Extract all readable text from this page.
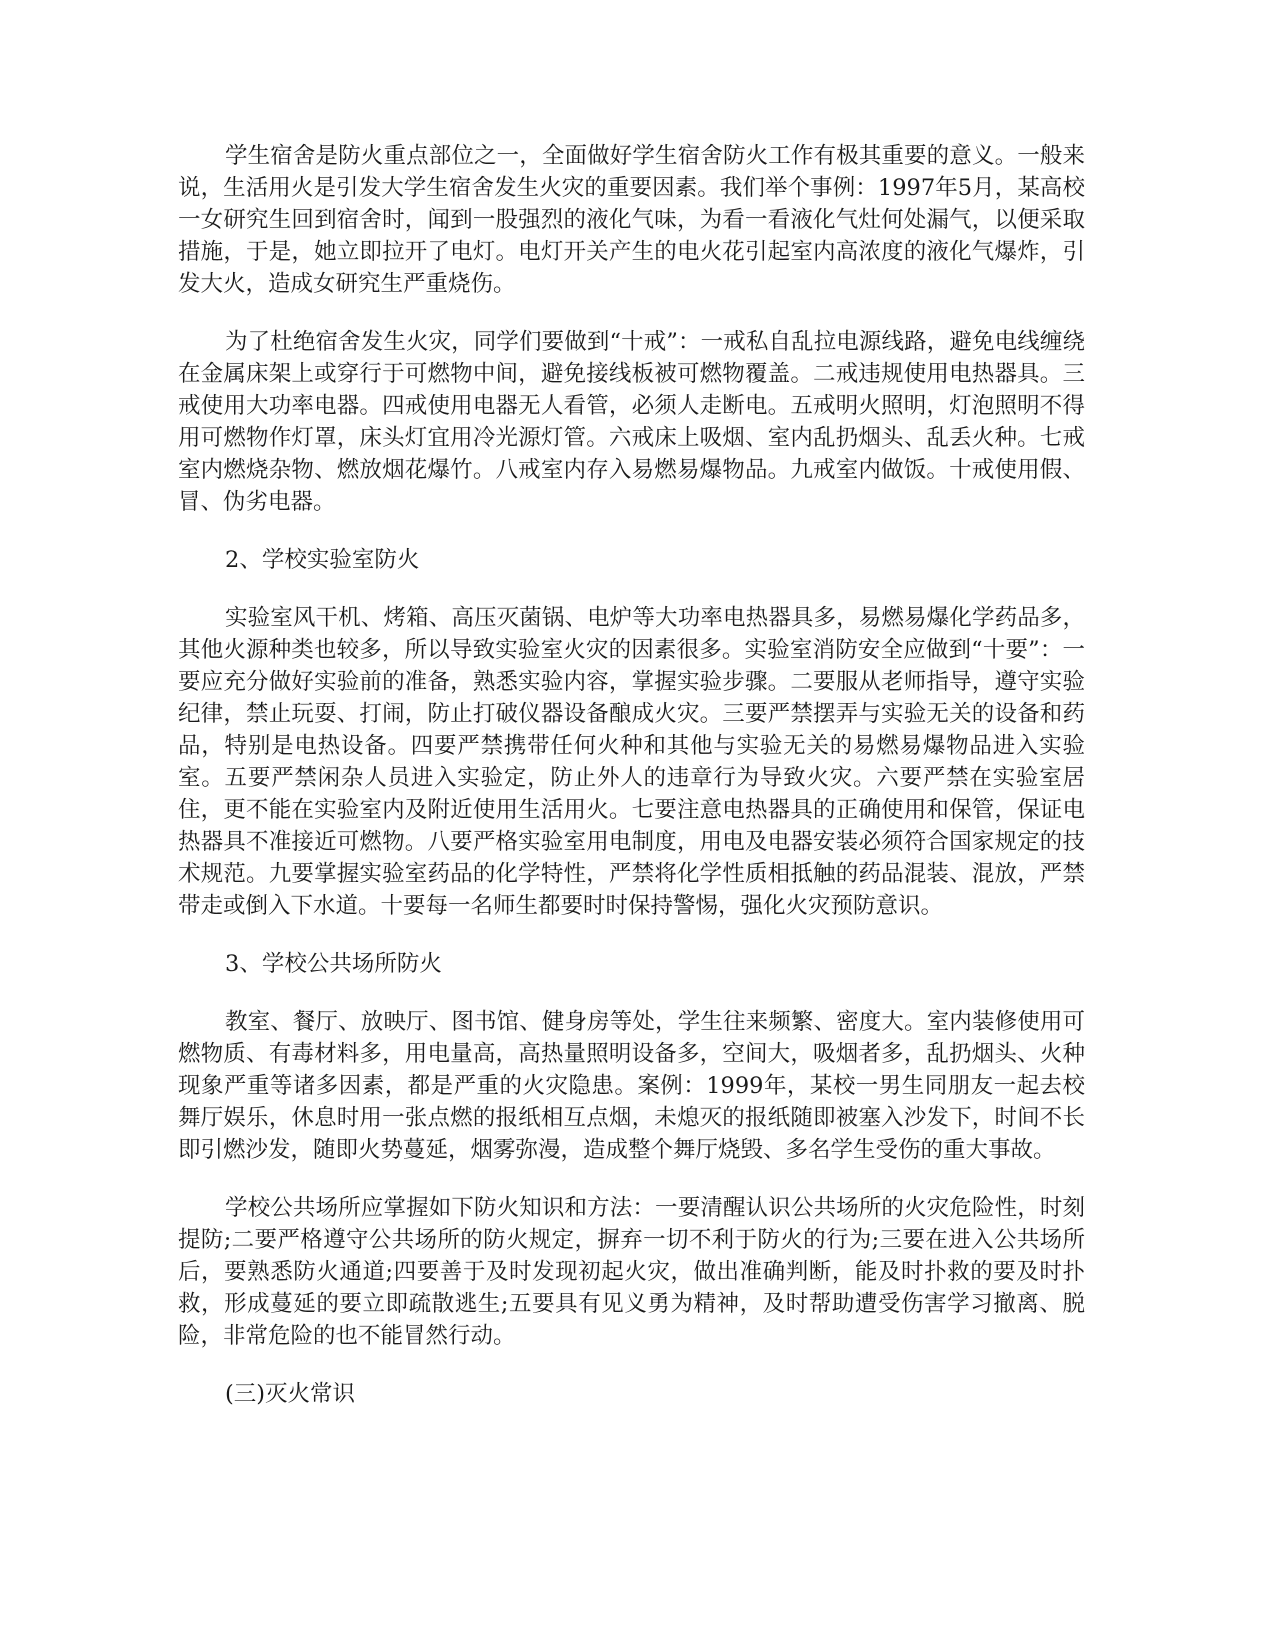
学生宿舍是防火重点部位之一，全面做好学生宿舍防火工作有极其重要的意义。一般来说，生活用火是引发大学生宿舍发生火灾的重要因素。我们举个事例：1997年5月，某高校一女研究生回到宿舍时，闻到一股强烈的液化气味，为看一看液化气灶何处漏气，以便采取措施，于是，她立即拉开了电灯。电灯开关产生的电火花引起室内高浓度的液化气爆炸，引发大火，造成女研究生严重烧伤。

为了杜绝宿舍发生火灾，同学们要做到“十戒”：一戒私自乱拉电源线路，避免电线缠绕在金属床架上或穿行于可燃物中间，避免接线板被可燃物覆盖。二戒违规使用电热器具。三戒使用大功率电器。四戒使用电器无人看管，必须人走断电。五戒明火照明，灯泡照明不得用可燃物作灯罩，床头灯宜用冷光源灯管。六戒床上吸烟、室内乱扔烟头、乱丢火种。七戒室内燃烧杂物、燃放烟花爆竹。八戒室内存入易燃易爆物品。九戒室内做饭。十戒使用假、冒、伪劣电器。

2、学校实验室防火

实验室风干机、烤箱、高压灭菌锅、电炉等大功率电热器具多，易燃易爆化学药品多，其他火源种类也较多，所以导致实验室火灾的因素很多。实验室消防安全应做到“十要”：一要应充分做好实验前的准备，熟悉实验内容，掌握实验步骤。二要服从老师指导，遵守实验纪律，禁止玩耍、打闹，防止打破仪器设备酿成火灾。三要严禁摆弄与实验无关的设备和药品，特别是电热设备。四要严禁携带任何火种和其他与实验无关的易燃易爆物品进入实验室。五要严禁闲杂人员进入实验定，防止外人的违章行为导致火灾。六要严禁在实验室居住，更不能在实验室内及附近使用生活用火。七要注意电热器具的正确使用和保管，保证电热器具不准接近可燃物。八要严格实验室用电制度，用电及电器安装必须符合国家规定的技术规范。九要掌握实验室药品的化学特性，严禁将化学性质相抵触的药品混装、混放，严禁带走或倒入下水道。十要每一名师生都要时时保持警惕，强化火灾预防意识。

3、学校公共场所防火

教室、餐厅、放映厅、图书馆、健身房等处，学生往来频繁、密度大。室内装修使用可燃物质、有毒材料多，用电量高，高热量照明设备多，空间大，吸烟者多，乱扔烟头、火种现象严重等诸多因素，都是严重的火灾隐患。案例：1999年，某校一男生同朋友一起去校舞厅娱乐，休息时用一张点燃的报纸相互点烟，未熄灭的报纸随即被塞入沙发下，时间不长即引燃沙发，随即火势蔓延，烟雾弥漫，造成整个舞厅烧毁、多名学生受伤的重大事故。

学校公共场所应掌握如下防火知识和方法：一要清醒认识公共场所的火灾危险性，时刻提防;二要严格遵守公共场所的防火规定，摒弃一切不利于防火的行为;三要在进入公共场所后，要熟悉防火通道;四要善于及时发现初起火灾，做出准确判断，能及时扑救的要及时扑救，形成蔓延的要立即疏散逃生;五要具有见义勇为精神，及时帮助遭受伤害学习撤离、脱险，非常危险的也不能冒然行动。

(三)灭火常识
